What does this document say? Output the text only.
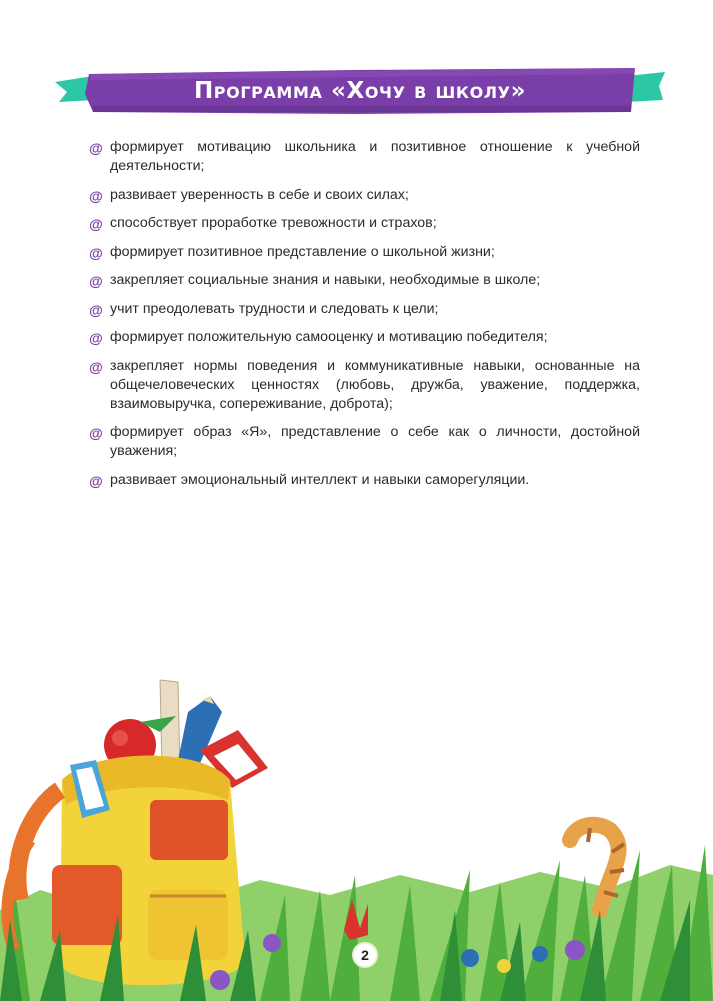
Программа «Хочу в школу»
@ формирует мотивацию школьника и позитивное отношение к учебной деятельности;
@ развивает уверенность в себе и своих силах;
@ способствует проработке тревожности и страхов;
@ формирует позитивное представление о школьной жизни;
@ закрепляет социальные знания и навыки, необходимые в школе;
@ учит преодолевать трудности и следовать к цели;
@ формирует положительную самооценку и мотивацию победителя;
@ закрепляет нормы поведения и коммуникативные навыки, основанные на общечеловеческих ценностях (любовь, дружба, уважение, поддержка, взаимовыручка, сопереживание, доброта);
@ формирует образ «Я», представление о себе как о личности, достойной уважения;
@ развивает эмоциональный интеллект и навыки саморегуляции.
2
